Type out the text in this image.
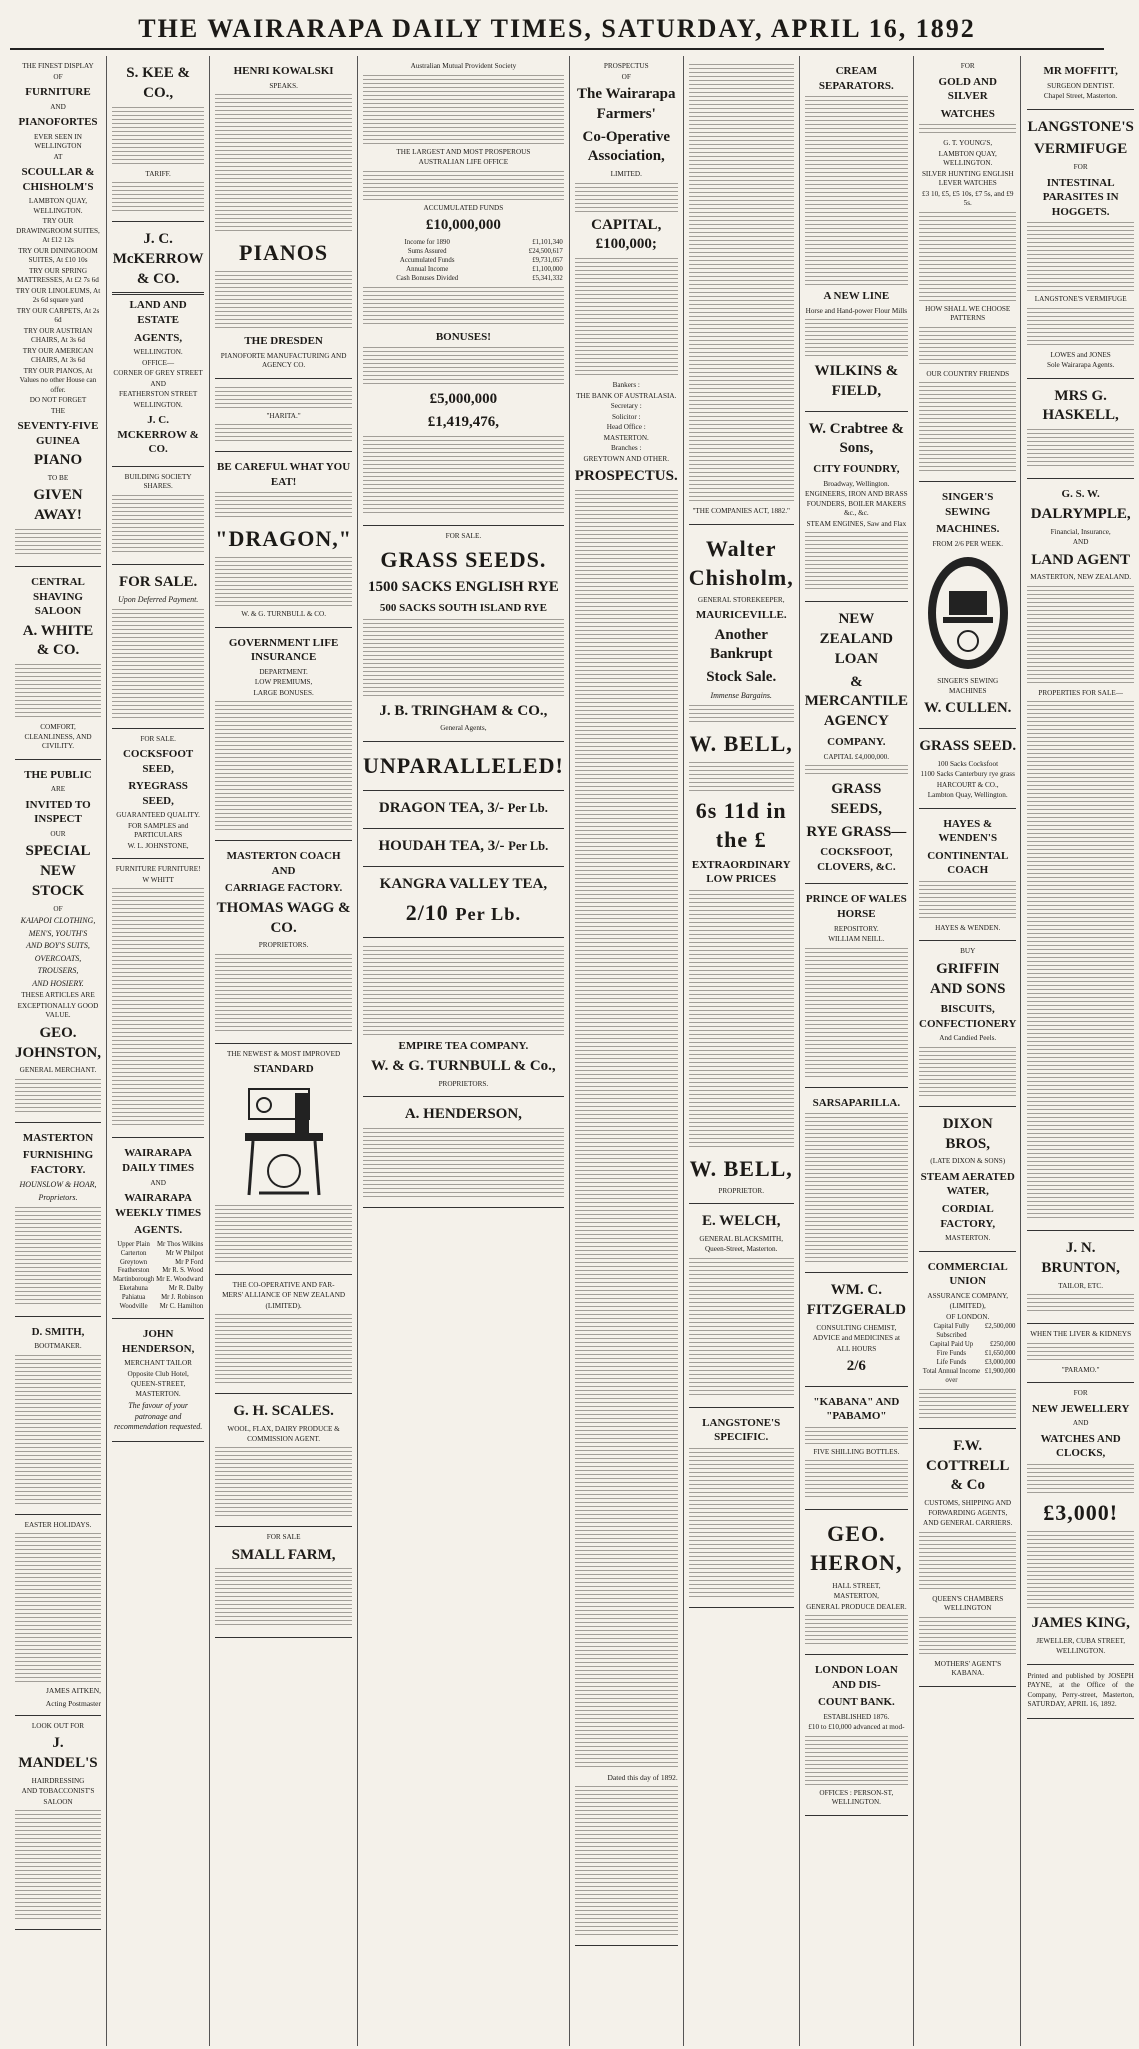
THE WAIRARAPA DAILY TIMES, SATURDAY, APRIL 16, 1892
THE FINEST DISPLAY
OF
FURNITURE
AND
PIANOFORTES
EVER SEEN IN WELLINGTON
AT
SCOULLAR & CHISHOLM'S
LAMBTON QUAY, WELLINGTON.
TRY OUR DRAWINGROOM SUITES, At £12 12s
TRY OUR DININGROOM SUITES, At £10 10s
TRY OUR SPRING MATTRESSES, At £2 7s 6d
TRY OUR LINOLEUMS, At 2s 6d square yard
TRY OUR CARPETS, At 2s 6d
TRY OUR AUSTRIAN CHAIRS, At 3s 6d
TRY OUR AMERICAN CHAIRS, At 3s 6d
TRY OUR PIANOS, At Values no other House can offer.
DO NOT FORGET
THE
SEVENTY-FIVE GUINEA
PIANO
TO BE
GIVEN AWAY!
CENTRAL SHAVING SALOON
A. WHITE & CO.
COMFORT, CLEANLINESS, AND CIVILITY.
THE PUBLIC
ARE
INVITED TO INSPECT
OUR
SPECIAL NEW STOCK
OF
KAIAPOI CLOTHING,
MEN'S, YOUTH'S
AND BOY'S SUITS,
OVERCOATS,
TROUSERS,
AND HOSIERY.
THESE ARTICLES ARE
EXCEPTIONALLY GOOD VALUE.
GEO. JOHNSTON,
GENERAL MERCHANT.
MASTERTON
FURNISHING FACTORY.
HOUNSLOW & HOAR,
Proprietors.
D. SMITH,
BOOTMAKER.
EASTER HOLIDAYS.
JAMES AITKEN,
Acting Postmaster
LOOK OUT FOR
J. MANDEL'S
HAIRDRESSING
AND TOBACCONIST'S
SALOON
S. KEE & CO.,
TARIFF.
J. C. McKERROW & CO.
LAND AND ESTATE
AGENTS,
WELLINGTON.
OFFICE—
CORNER OF GREY STREET
AND
FEATHERSTON STREET
WELLINGTON.
J. C. MCKERROW & CO.
BUILDING SOCIETY SHARES.
FOR SALE.
Upon Deferred Payment.
FOR SALE.
COCKSFOOT SEED,
RYEGRASS SEED,
GUARANTEED QUALITY.
FOR SAMPLES and PARTICULARS
W. L. JOHNSTONE,
FURNITURE FURNITURE!
W WHITT
WAIRARAPA DAILY TIMES
AND
WAIRARAPA WEEKLY TIMES
AGENTS.
Upper Plain	Mr Thos Wilkins
Carterton	Mr W Philpot
Greytown	Mr P Ford
Featherston	Mr R. S. Wood
Martinborough	Mr E. Woodward
Eketahuna	Mr R. Dalby
Pahiatua	Mr J. Robinson
Woodville	Mr C. Hamilton
JOHN HENDERSON,
MERCHANT TAILOR
Opposite Club Hotel,
QUEEN-STREET, MASTERTON.
The favour of your patronage and recommendation requested.
HENRI KOWALSKI
SPEAKS.
PIANOS
THE DRESDEN
PIANOFORTE MANUFACTURING AND AGENCY CO.
"HARITA."
BE CAREFUL WHAT YOU EAT!
"DRAGON,"
W. & G. TURNBULL & CO.
GOVERNMENT LIFE INSURANCE
DEPARTMENT.
LOW PREMIUMS,
LARGE BONUSES.
MASTERTON COACH AND
CARRIAGE FACTORY.
THOMAS WAGG & CO.
PROPRIETORS.
THE NEWEST & MOST IMPROVED
STANDARD
THE CO-OPERATIVE AND FAR-
MERS' ALLIANCE OF NEW ZEALAND
(LIMITED).
G. H. SCALES.
WOOL, FLAX, DAIRY PRODUCE & COMMISSION AGENT.
FOR SALE
SMALL FARM,
Australian Mutual Provident Society
THE LARGEST AND MOST PROSPEROUS
AUSTRALIAN LIFE OFFICE
ACCUMULATED FUNDS
£10,000,000
Income for 1890	£1,101,340
Sums Assured	£24,500,617
Accumulated Funds	£9,731,057
Annual Income	£1,100,000
Cash Bonuses Divided	£5,341,332
BONUSES!
£5,000,000
£1,419,476,
FOR SALE.
GRASS SEEDS.
1500 SACKS ENGLISH RYE
500 SACKS SOUTH ISLAND RYE
J. B. TRINGHAM & CO.,
General Agents,
UNPARALLELED!
DRAGON TEA, 3/- Per Lb.
HOUDAH TEA, 3/- Per Lb.
KANGRA VALLEY TEA,
2/10 Per Lb.
EMPIRE TEA COMPANY.
W. & G. TURNBULL & Co.,
PROPRIETORS.
A. HENDERSON,
PROSPECTUS
OF
The Wairarapa Farmers'
Co-Operative Association,
LIMITED.
CAPITAL, £100,000;
Bankers :
THE BANK OF AUSTRALASIA.
Secretary :
Solicitor :
Head Office :
MASTERTON.
Branches :
GREYTOWN AND OTHER.
PROSPECTUS.
Dated this day of 1892.
"THE COMPANIES ACT, 1882."
Walter Chisholm,
GENERAL STOREKEEPER,
MAURICEVILLE.
Another Bankrupt
Stock Sale.
Immense Bargains.
W. BELL,
6s 11d in the £
EXTRAORDINARY LOW PRICES
W. BELL,
PROPRIETOR.
E. WELCH,
GENERAL BLACKSMITH,
Queen-Street, Masterton.
LANGSTONE'S SPECIFIC.
CREAM SEPARATORS.
A NEW LINE
Horse and Hand-power Flour Mills
WILKINS & FIELD,
W. Crabtree & Sons,
CITY FOUNDRY,
Broadway, Wellington.
ENGINEERS, IRON AND BRASS FOUNDERS, BOILER MAKERS &c., &c.
STEAM ENGINES, Saw and Flax
NEW ZEALAND LOAN
& MERCANTILE AGENCY
COMPANY.
CAPITAL £4,000,000.
GRASS SEEDS,
RYE GRASS—
COCKSFOOT, CLOVERS, &C.
PRINCE OF WALES HORSE
REPOSITORY.
WILLIAM NEILL.
SARSAPARILLA.
WM. C. FITZGERALD
CONSULTING CHEMIST,
ADVICE and MEDICINES at
ALL HOURS
2/6
"KABANA" AND "PABAMO"
FIVE SHILLING BOTTLES.
GEO. HERON,
HALL STREET,
MASTERTON,
GENERAL PRODUCE DEALER.
LONDON LOAN AND DIS-
COUNT BANK.
ESTABLISHED 1876.
£10 to £10,000 advanced at mod-
OFFICES : PERSON-ST, WELLINGTON.
FOR
GOLD AND SILVER
WATCHES
G. T. YOUNG'S,
LAMBTON QUAY, WELLINGTON.
SILVER HUNTING ENGLISH LEVER WATCHES
£3 10, £5, £5 10s, £7 5s, and £9 5s.
HOW SHALL WE CHOOSE PATTERNS
OUR COUNTRY FRIENDS
SINGER'S SEWING
MACHINES.
FROM 2/6 PER WEEK.
SINGER'S SEWING MACHINES
W. CULLEN.
GRASS SEED.
100 Sacks Cocksfoot
1100 Sacks Canterbury rye grass
HARCOURT & CO.,
Lambton Quay, Wellington.
HAYES & WENDEN'S
CONTINENTAL COACH
HAYES & WENDEN.
BUY
GRIFFIN AND SONS
BISCUITS, CONFECTIONERY
And Candied Peels.
DIXON BROS,
(LATE DIXON & SONS)
STEAM AERATED WATER,
CORDIAL FACTORY,
MASTERTON.
COMMERCIAL UNION
ASSURANCE COMPANY,
(LIMITED),
OF LONDON.
Capital Fully Subscribed	£2,500,000
Capital Paid Up	£250,000
Fire Funds	£1,650,000
Life Funds	£3,000,000
Total Annual Income over	£1,900,000
F.W. COTTRELL & Co
CUSTOMS, SHIPPING AND FORWARDING AGENTS,
AND GENERAL CARRIERS.
QUEEN'S CHAMBERS WELLINGTON
MOTHERS' AGENT'S KABANA.
MR MOFFITT,
SURGEON DENTIST.
Chapel Street, Masterton.
LANGSTONE'S
VERMIFUGE
FOR
INTESTINAL PARASITES IN HOGGETS.
LANGSTONE'S VERMIFUGE
LOWES and JONES
Sole Wairarapa Agents.
MRS G. HASKELL,
G. S. W.
DALRYMPLE,
Financial, Insurance,
AND
LAND AGENT
MASTERTON, NEW ZEALAND.
PROPERTIES FOR SALE—
J. N. BRUNTON,
TAILOR, ETC.
WHEN THE LIVER & KIDNEYS
"PARAMO."
FOR
NEW JEWELLERY
AND
WATCHES AND CLOCKS,
£3,000!
JAMES KING,
JEWELLER, CUBA STREET,
WELLINGTON.

Printed and published by JOSEPH PAYNE, at the Office of the Company, Perry-street, Masterton, SATURDAY, APRIL 16, 1892.
